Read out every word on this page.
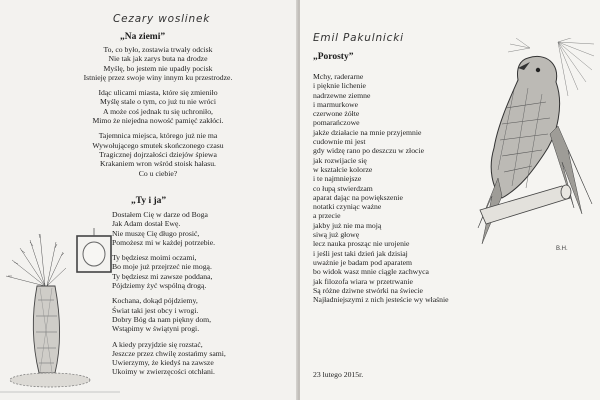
Cezary woslinek
„Na ziemi”
To, co było, zostawia trwały odcisk
Nie tak jak zarys buta na drodze
Myślę, bo jestem nie upadły pocisk
Istnieję przez swoje winy innym ku przestrodze.
Idąc ulicami miasta, które się zmieniło
Myślę stale o tym, co już tu nie wróci
A może coś jednak tu się uchroniło,
Mimo że niejedna nowość pamięć zakłóci.
Tajemnica miejsca, którego już nie ma
Wywołującego smutek skończonego czasu
Tragicznej dojrzałości dziejów śpiewa
Krakaniem wron wśród stoisk hałasu.
Co u ciebie?
„Ty i ja”
Dostałem Cię w darze od Boga
Jak Adam dostał Ewę.
Nie muszę Cię długo prosić,
Pomożesz mi w każdej potrzebie.
Ty będziesz moimi oczami,
Bo moje już przejrzeć nie mogą.
Ty będziesz mi zawsze poddana,
Pójdziemy żyć wspólną drogą.
Kochana, dokąd pójdziemy,
Świat taki jest obcy i wrogi.
Dobry Bóg da nam piękny dom,
Wstąpimy w świątyni progi.
A kiedy przyjdzie się rozstać,
Jeszcze przez chwilę zostańmy sami,
Uwierzymy, że kiedyś na zawsze
Ukoimy w zwierzęcości otchłani.
Emil Pakulnicki
„Porosty”
B.H.
Mchy, raderarne
i pięknie lichenie
nadrzewne ziemne
i marmurkowe
czerwone żółte
pomarańczowe
jakże działacie na mnie przyjemnie
cudownie mi jest
gdy widzę rano po deszczu w złocie
jak rozwijacie się
w kształcie kolorze
i te najmniejsze
co łupą stwierdzam
aparat dając na powiększenie
notatki czyniąc ważne
a przecie
jakby już nie ma moją
siwą już głowę
lecz nauka prosząc nie urojenie
i jeśli jest taki dzień jak dzisiaj
uważnie je badam pod aparatem
bo widok wasz mnie ciągle zachwyca
jak filozofa wiara w przetrwanie
Są różne dziwne stwórki na świecie
Najładniejszymi z nich jesteście wy właśnie
23 lutego 2015r.
